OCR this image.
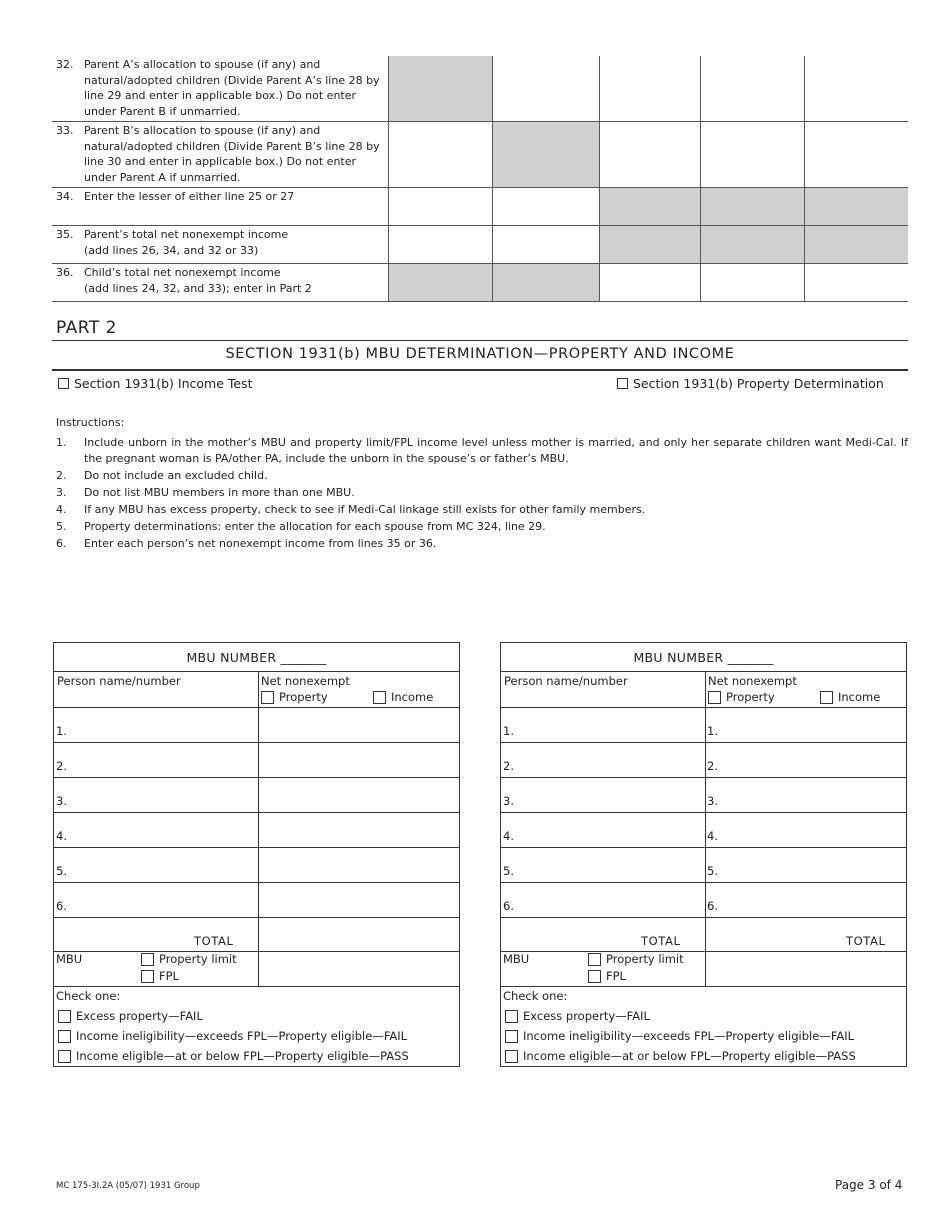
32. Parent A’s allocation to spouse (if any) and
natural/adopted children (Divide Parent A’s line 28 by
line 29 and enter in applicable box.) Do not enter
under Parent B if unmarried.					

33. Parent B’s allocation to spouse (if any) and
natural/adopted children (Divide Parent B’s line 28 by
line 30 and enter in applicable box.) Do not enter
under Parent A if unmarried.					

34. Enter the lesser of either line 25 or 27					

35. Parent’s total net nonexempt income
(add lines 26, 34, and 32 or 33)					

36. Child’s total net nonexempt income
(add lines 24, 32, and 33); enter in Part 2					

PART 2
SECTION 1931(b) MBU DETERMINATION—PROPERTY AND INCOME
Section 1931(b) Income Test	Section 1931(b) Property Determination
Instructions:
1.	Include unborn in the mother’s MBU and property limit/FPL income level unless mother is married, and only her separate children want Medi-Cal. If the pregnant woman is PA/other PA, include the unborn in the spouse’s or father’s MBU.
2.	Do not include an excluded child.
3.	Do not list MBU members in more than one MBU.
4.	If any MBU has excess property, check to see if Medi-Cal linkage still exists for other family members.
5.	Property determinations: enter the allocation for each spouse from MC 324, line 29.
6.	Enter each person’s net nonexempt income from lines 35 or 36.
MBU NUMBER _______
Person name/number	Net nonexempt
Property	Income
1.
2.
3.
4.
5.
6.
TOTAL
MBU	Property limit
FPL
Check one:
Excess property—FAIL
Income ineligibility—exceeds FPL—Property eligible—FAIL
Income eligible—at or below FPL—Property eligible—PASS
MBU NUMBER _______
Person name/number	Net nonexempt
Property	Income
1.	1.
2.	2.
3.	3.
4.	4.
5.	5.
6.	6.
TOTAL	TOTAL
MBU	Property limit
FPL
Check one:
Excess property—FAIL
Income ineligibility—exceeds FPL—Property eligible—FAIL
Income eligible—at or below FPL—Property eligible—PASS
MC 175-3I.2A (05/07) 1931 Group	Page 3 of 4
